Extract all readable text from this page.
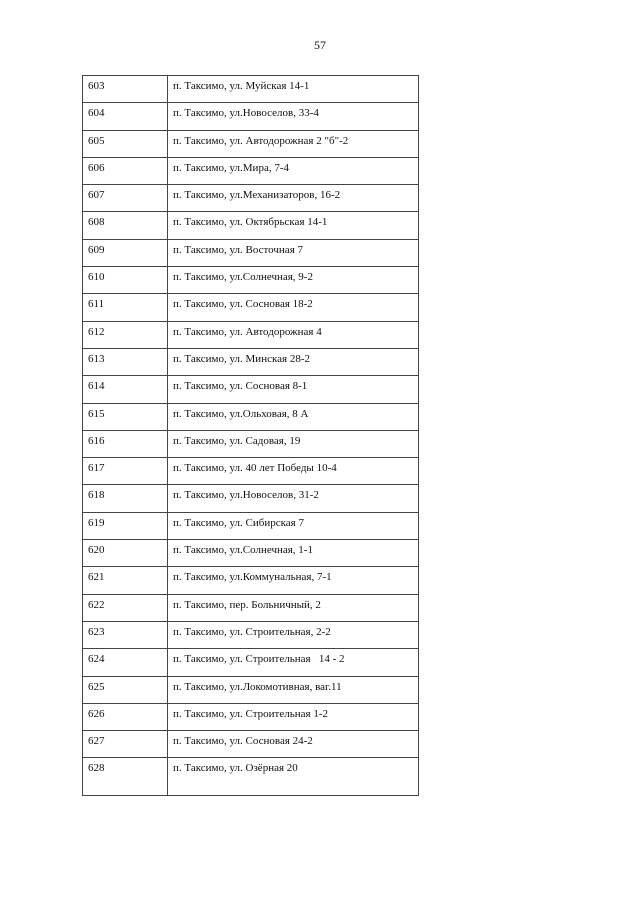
57
603	п. Таксимо, ул. Муйская 14-1
604	п. Таксимо, ул.Новоселов, 33-4
605	п. Таксимо, ул. Автодорожная 2 "б"-2
606	п. Таксимо, ул.Мира, 7-4
607	п. Таксимо, ул.Механизаторов, 16-2
608	п. Таксимо, ул. Октябрьская 14-1
609	п. Таксимо, ул. Восточная 7
610	п. Таксимо, ул.Солнечная, 9-2
611	п. Таксимо, ул. Сосновая 18-2
612	п. Таксимо, ул. Автодорожная 4
613	п. Таксимо, ул. Минская 28-2
614	п. Таксимо, ул. Сосновая 8-1
615	п. Таксимо, ул.Ольховая, 8 А
616	п. Таксимо, ул. Садовая, 19
617	п. Таксимо, ул. 40 лет Победы 10-4
618	п. Таксимо, ул.Новоселов, 31-2
619	п. Таксимо, ул. Сибирская 7
620	п. Таксимо, ул.Солнечная, 1-1
621	п. Таксимо, ул.Коммунальная, 7-1
622	п. Таксимо, пер. Больничный, 2
623	п. Таксимо, ул. Строительная, 2-2
624	п. Таксимо, ул. Строительная   14 - 2
625	п. Таксимо, ул.Локомотивная, ваг.11
626	п. Таксимо, ул. Строительная 1-2
627	п. Таксимо, ул. Сосновая 24-2
628	п. Таксимо, ул. Озёрная 20
